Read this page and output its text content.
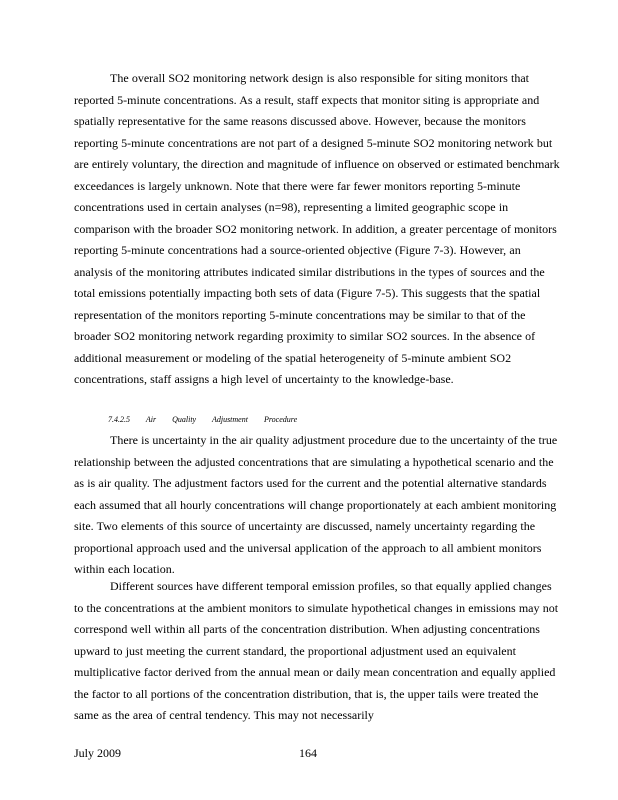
The overall SO2 monitoring network design is also responsible for siting monitors that reported 5-minute concentrations. As a result, staff expects that monitor siting is appropriate and spatially representative for the same reasons discussed above. However, because the monitors reporting 5-minute concentrations are not part of a designed 5-minute SO2 monitoring network but are entirely voluntary, the direction and magnitude of influence on observed or estimated benchmark exceedances is largely unknown. Note that there were far fewer monitors reporting 5-minute concentrations used in certain analyses (n=98), representing a limited geographic scope in comparison with the broader SO2 monitoring network. In addition, a greater percentage of monitors reporting 5-minute concentrations had a source-oriented objective (Figure 7-3). However, an analysis of the monitoring attributes indicated similar distributions in the types of sources and the total emissions potentially impacting both sets of data (Figure 7-5). This suggests that the spatial representation of the monitors reporting 5-minute concentrations may be similar to that of the broader SO2 monitoring network regarding proximity to similar SO2 sources. In the absence of additional measurement or modeling of the spatial heterogeneity of 5-minute ambient SO2 concentrations, staff assigns a high level of uncertainty to the knowledge-base.

7.4.2.5 Air Quality Adjustment Procedure

There is uncertainty in the air quality adjustment procedure due to the uncertainty of the true relationship between the adjusted concentrations that are simulating a hypothetical scenario and the as is air quality. The adjustment factors used for the current and the potential alternative standards each assumed that all hourly concentrations will change proportionately at each ambient monitoring site. Two elements of this source of uncertainty are discussed, namely uncertainty regarding the proportional approach used and the universal application of the approach to all ambient monitors within each location.

Different sources have different temporal emission profiles, so that equally applied changes to the concentrations at the ambient monitors to simulate hypothetical changes in emissions may not correspond well within all parts of the concentration distribution. When adjusting concentrations upward to just meeting the current standard, the proportional adjustment used an equivalent multiplicative factor derived from the annual mean or daily mean concentration and equally applied the factor to all portions of the concentration distribution, that is, the upper tails were treated the same as the area of central tendency. This may not necessarily

July 2009	164
